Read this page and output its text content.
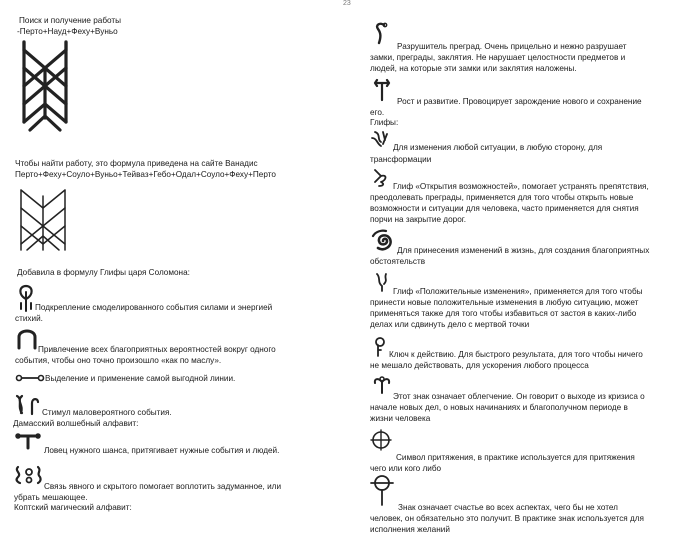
23
Поиск и получение работы
-Перто+Науд+Феху+Вуньо
Чтобы найти работу, это формула приведена на сайте Ванадис
Перто+Феху+Соуло+Вуньо+Тейваз+Гебо+Одал+Соуло+Феху+Перто
Добавила в формулу Глифы царя Соломона:
Подкрепление смоделированного события силами и энергией
стихий.
Привлечение всех благоприятных вероятностей вокруг одного
события, чтобы оно точно произошло «как по маслу».
Выделение и применение самой выгодной линии.
Стимул маловероятного события.
Дамасский волшебный алфавит:
Ловец нужного шанса, притягивает нужные события и людей.
Связь явного и скрытого помогает воплотить задуманное, или
убрать мешающее.
Коптский магический алфавит:
Разрушитель преград. Очень прицельно и нежно разрушает
замки, преграды, заклятия. Не нарушает целостности предметов и
людей, на которые эти замки или заклятия наложены.
Рост и развитие. Провоцирует зарождение нового и сохранение
его.
Глифы:
Для изменения любой ситуации, в любую сторону, для
трансформации
Глиф «Открытия возможностей», помогает устранять препятствия,
преодолевать преграды, применяется для того чтобы открыть новые
возможности и ситуации для человека, часто применяется для снятия
порчи на закрытие дорог.
Для принесения изменений в жизнь, для создания благоприятных
обстоятельств
Глиф «Положительные изменения», применяется для того чтобы
принести новые положительные изменения в любую ситуацию, может
применяться также для того чтобы избавиться от застоя в каких-либо
делах или сдвинуть дело с мертвой точки
Ключ к действию. Для быстрого результата, для того чтобы ничего
не мешало действовать, для ускорения любого процесса
Этот знак означает облегчение. Он говорит о выходе из кризиса о
начале новых дел, о новых начинаниях и благополучном периоде в
жизни человека
Символ притяжения, в практике используется для притяжения
чего или кого либо
Знак означает счастье во всех аспектах, чего бы не хотел
человек, он обязательно это получит. В практике знак используется для
исполнения желаний
